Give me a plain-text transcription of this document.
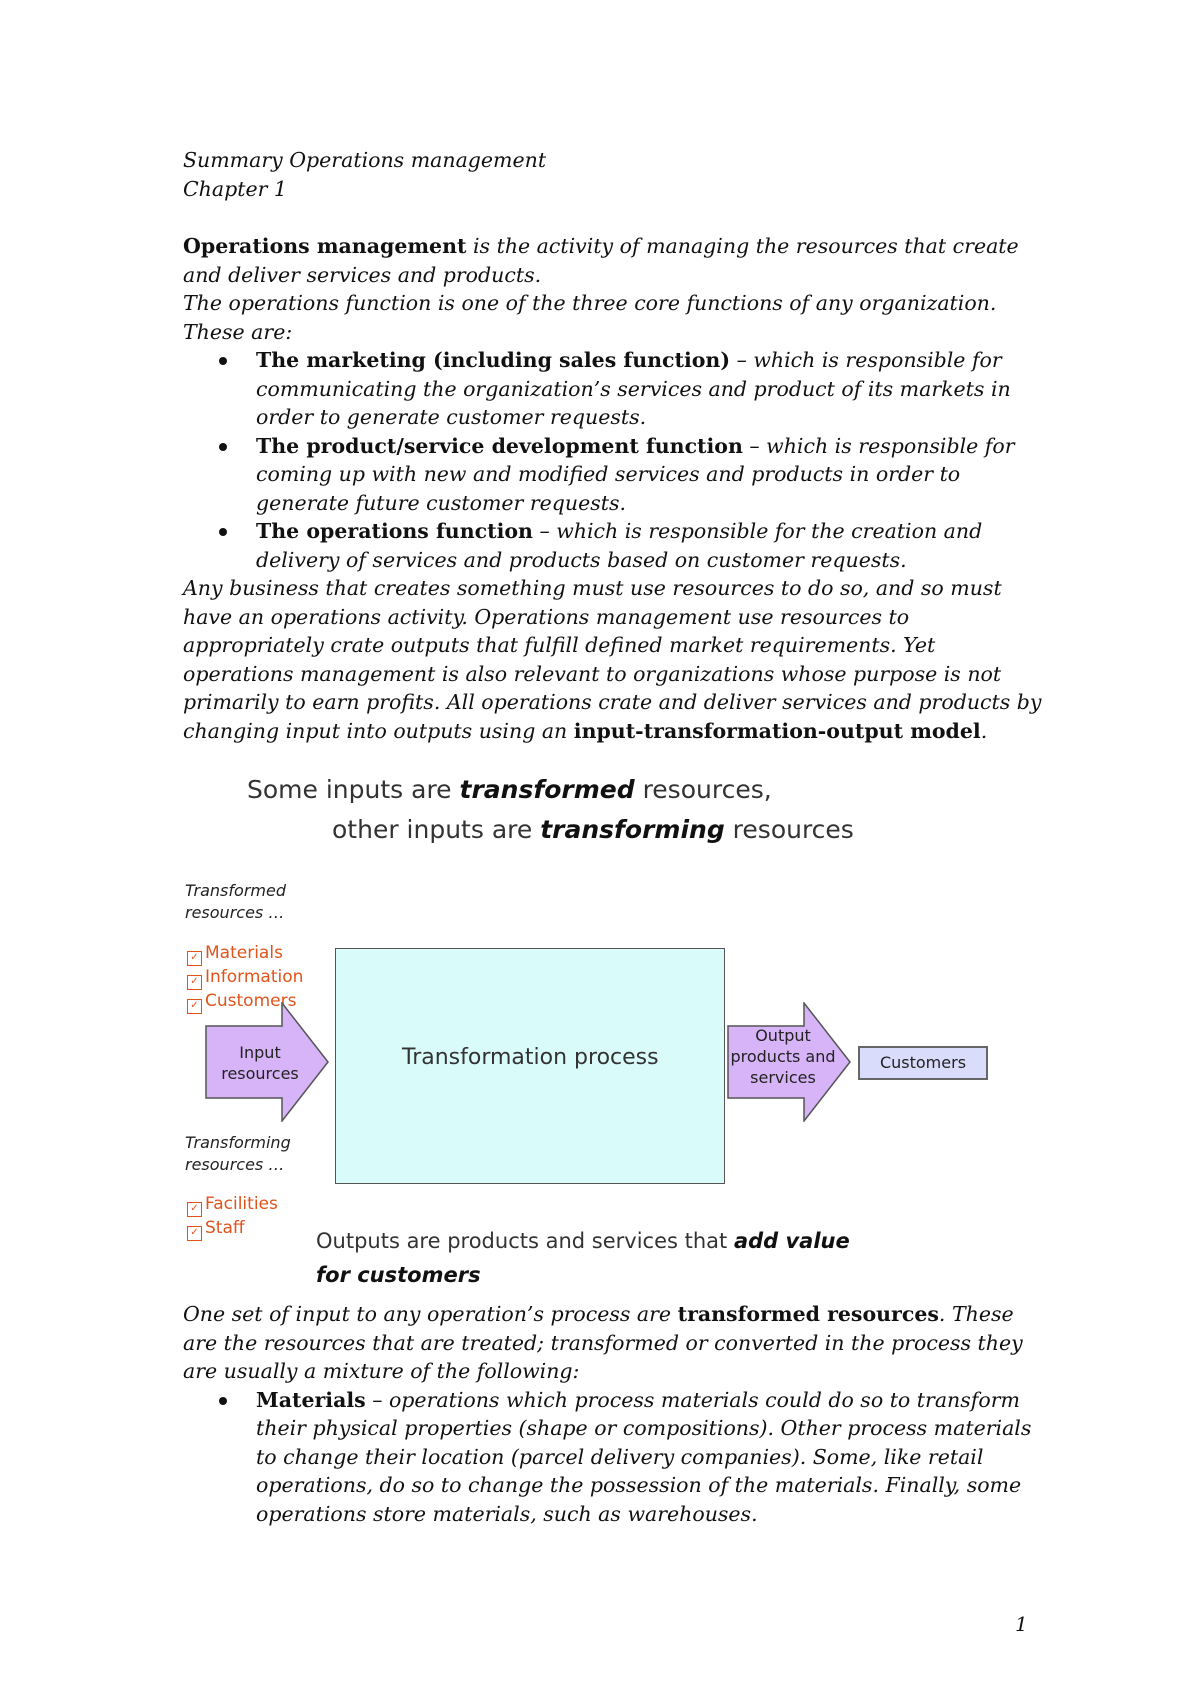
Summary Operations management

Chapter 1

Operations management is the activity of managing the resources that create and deliver services and products.

The operations function is one of the three core functions of any organization. These are:

The marketing (including sales function) – which is responsible for communicating the organization’s services and product of its markets in order to generate customer requests.
The product/service development function – which is responsible for coming up with new and modified services and products in order to generate future customer requests.
The operations function – which is responsible for the creation and delivery of services and products based on customer requests.

Any business that creates something must use resources to do so, and so must have an operations activity. Operations management use resources to appropriately crate outputs that fulfill defined market requirements. Yet operations management is also relevant to organizations whose purpose is not primarily to earn profits. All operations crate and deliver services and products by changing input into outputs using an input-transformation-output model.

Some inputs are transformed resources,
other inputs are transforming resources
Transformed
resources …
✓ Materials
✓ Information
✓ Customers
Input
resources
Transformation process
Output
products and
services
Customers
Transforming
resources …
✓ Facilities
✓ Staff
Outputs are products and services that add value
for customers

One set of input to any operation’s process are transformed resources. These are the resources that are treated; transformed or converted in the process they are usually a mixture of the following:

Materials – operations which process materials could do so to transform their physical properties (shape or compositions). Other process materials to change their location (parcel delivery companies). Some, like retail operations, do so to change the possession of the materials. Finally, some operations store materials, such as warehouses.
1
